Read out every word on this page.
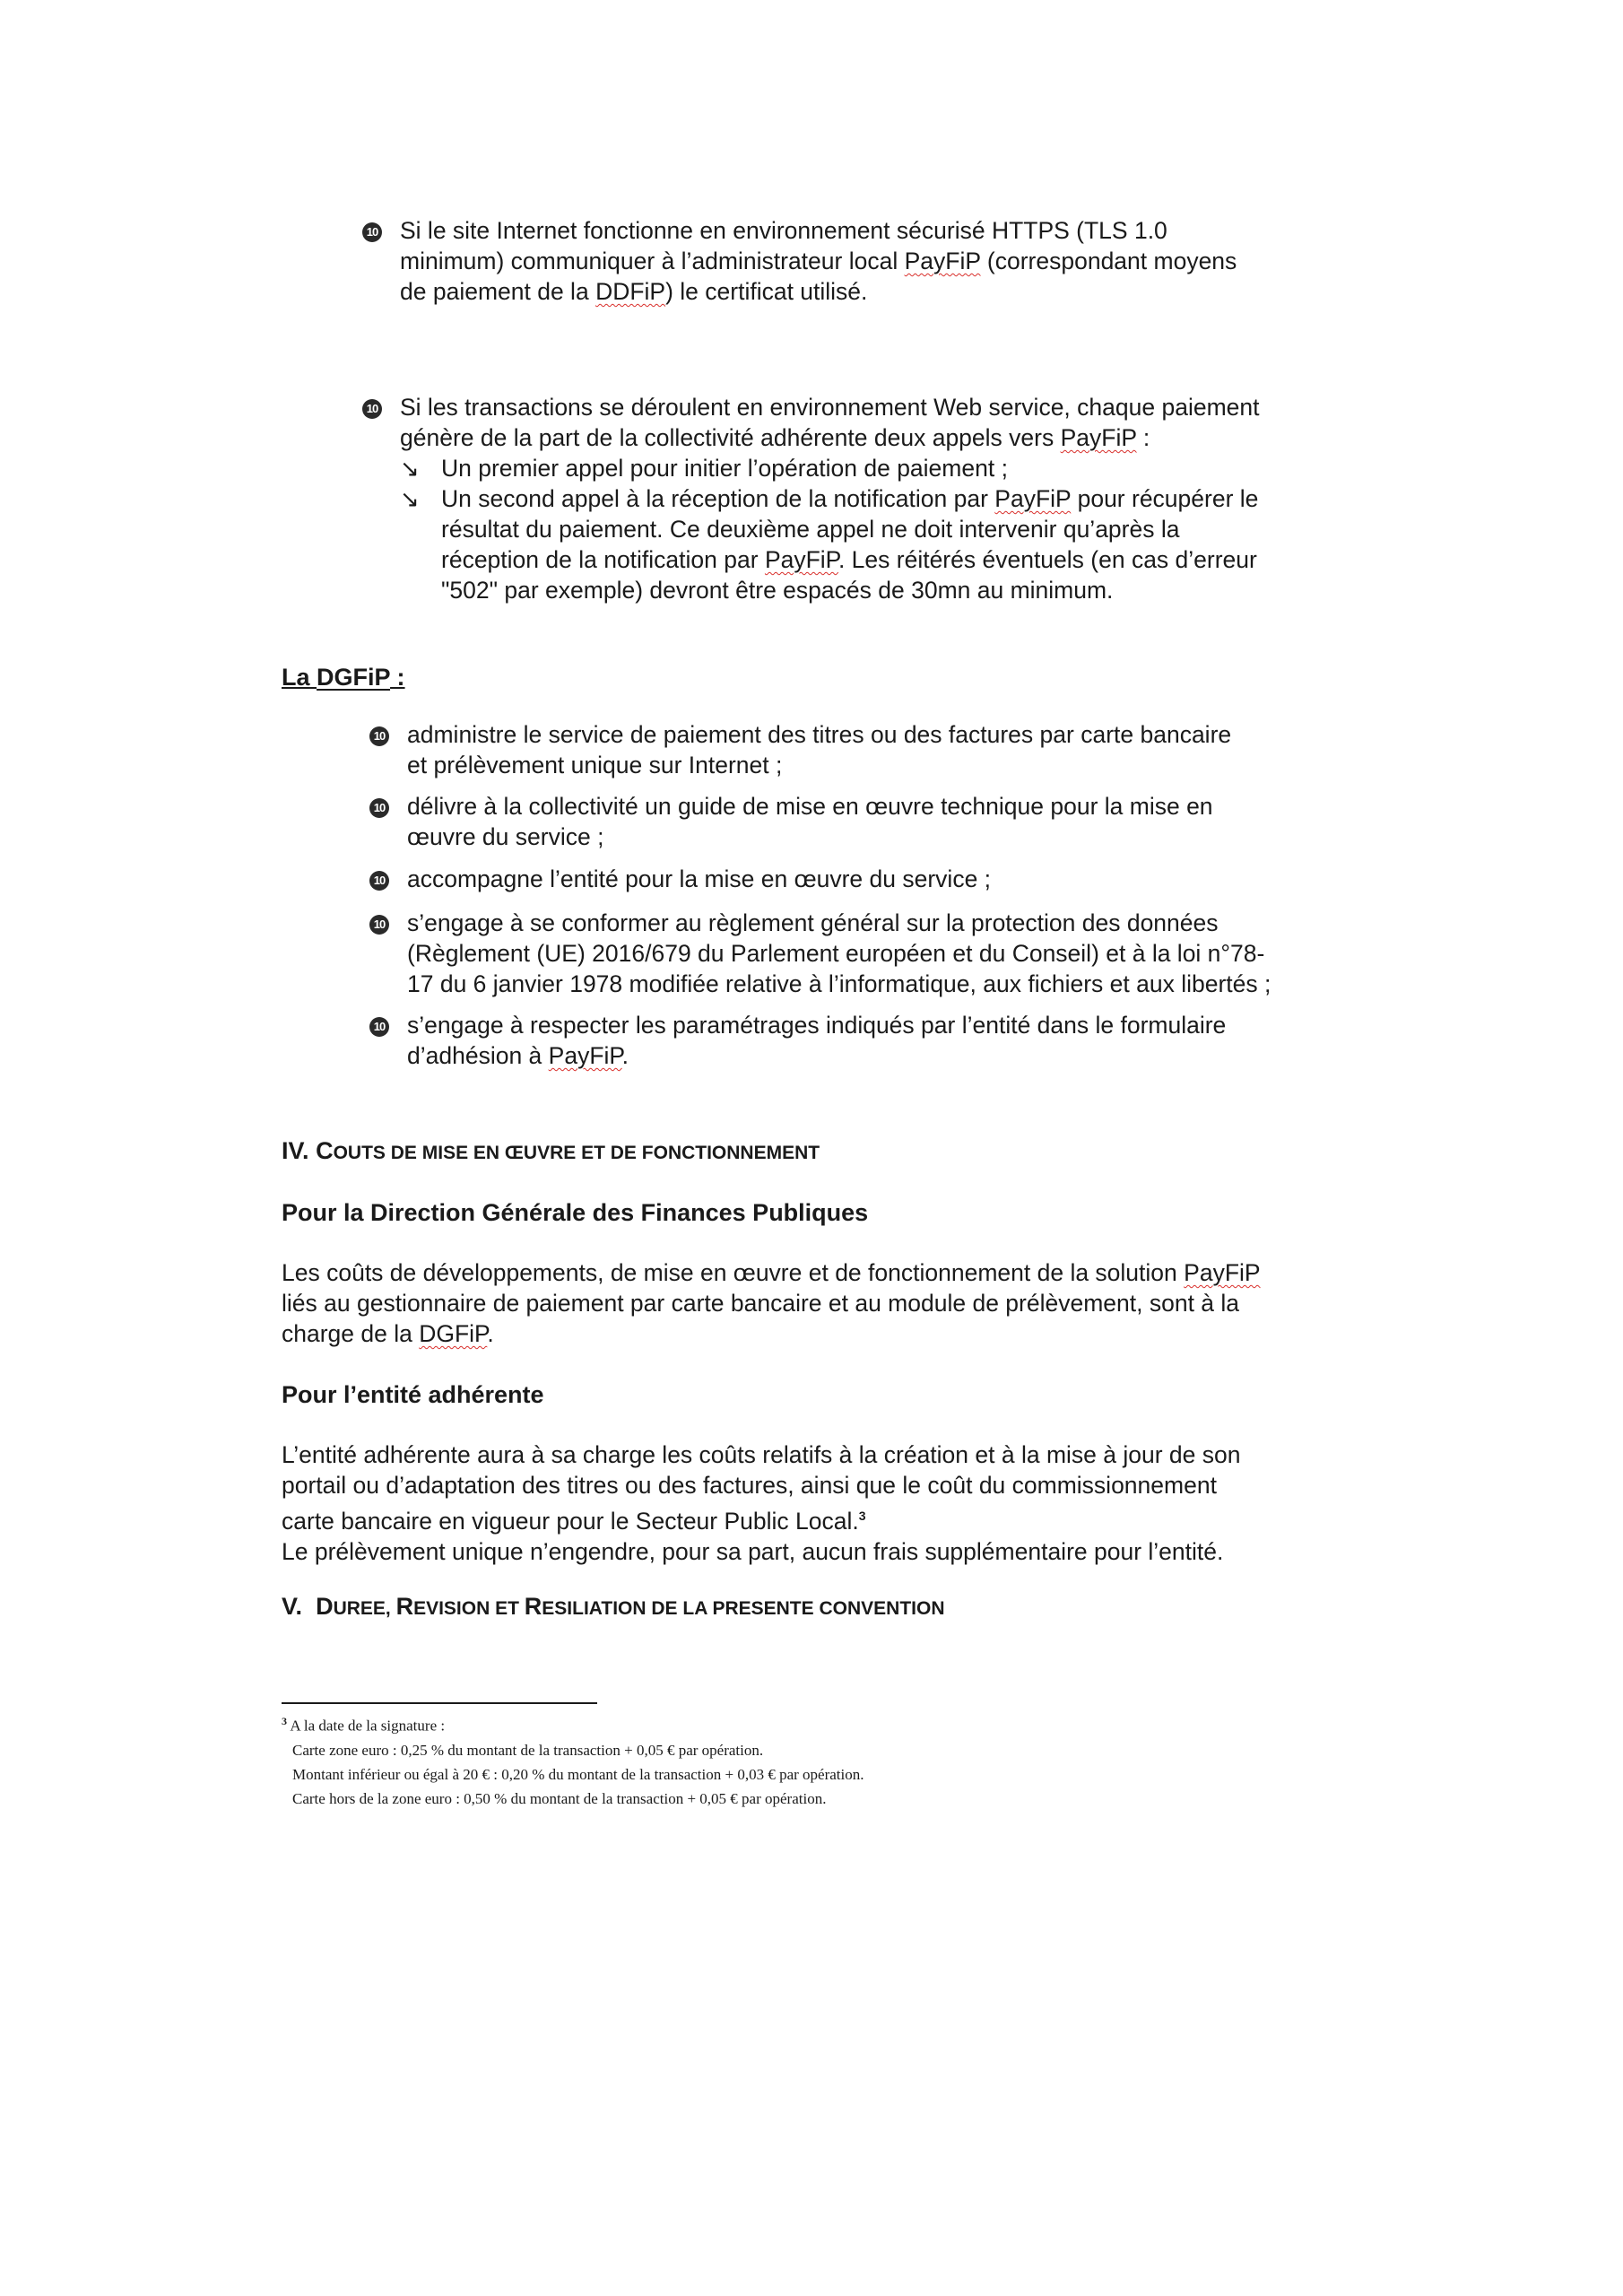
10 Si le site Internet fonctionne en environnement sécurisé HTTPS (TLS 1.0
minimum) communiquer à l’administrateur local PayFiP (correspondant moyens
de paiement de la DDFiP) le certificat utilisé.
10 Si les transactions se déroulent en environnement Web service, chaque paiement
génère de la part de la collectivité adhérente deux appels vers PayFiP :
↘ Un premier appel pour initier l’opération de paiement ;
↘ Un second appel à la réception de la notification par PayFiP pour récupérer le
résultat du paiement. Ce deuxième appel ne doit intervenir qu’après la
réception de la notification par PayFiP. Les réitérés éventuels (en cas d’erreur
"502" par exemple) devront être espacés de 30mn au minimum.
La DGFiP :
10 administre le service de paiement des titres ou des factures par carte bancaire
et prélèvement unique sur Internet ;
10 délivre à la collectivité un guide de mise en œuvre technique pour la mise en
œuvre du service ;
10 accompagne l’entité pour la mise en œuvre du service ;
10 s’engage à se conformer au règlement général sur la protection des données
(Règlement (UE) 2016/679 du Parlement européen et du Conseil) et à la loi n°78-
17 du 6 janvier 1978 modifiée relative à l’informatique, aux fichiers et aux libertés ;
10 s’engage à respecter les paramétrages indiqués par l’entité dans le formulaire
d’adhésion à PayFiP.
IV. COUTS DE MISE EN ŒUVRE ET DE FONCTIONNEMENT
Pour la Direction Générale des Finances Publiques
Les coûts de développements, de mise en œuvre et de fonctionnement de la solution PayFiP
liés au gestionnaire de paiement par carte bancaire et au module de prélèvement, sont à la
charge de la DGFiP.
Pour l’entité adhérente
L’entité adhérente aura à sa charge les coûts relatifs à la création et à la mise à jour de son
portail ou d’adaptation des titres ou des factures, ainsi que le coût du commissionnement
carte bancaire en vigueur pour le Secteur Public Local.$^3$
Le prélèvement unique n’engendre, pour sa part, aucun frais supplémentaire pour l’entité.
V. DUREE, REVISION ET RESILIATION DE LA PRESENTE CONVENTION
$^3$ A la date de la signature :
Carte zone euro : 0,25 % du montant de la transaction + 0,05 € par opération.
Montant inférieur ou égal à 20 € : 0,20 % du montant de la transaction + 0,03 € par opération.
Carte hors de la zone euro : 0,50 % du montant de la transaction + 0,05 € par opération.
